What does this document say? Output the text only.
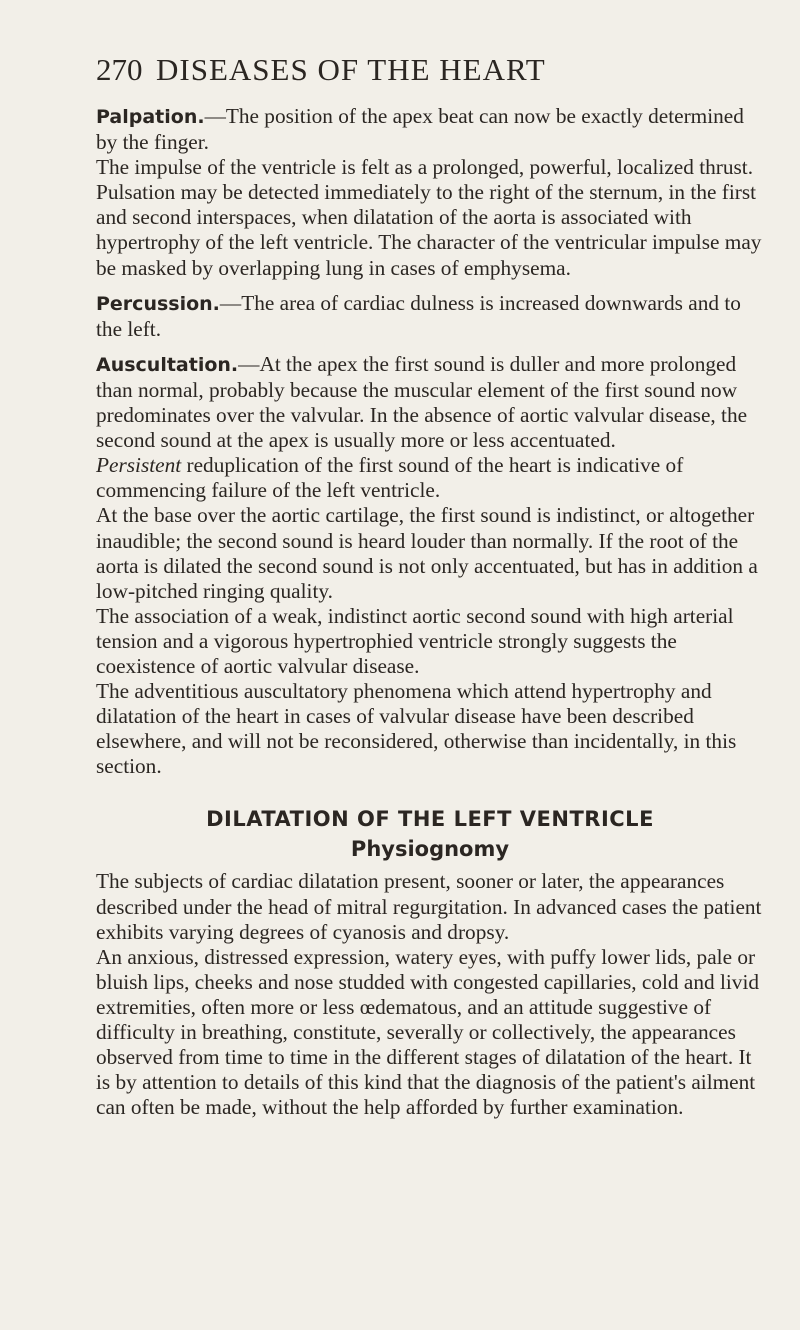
270 DISEASES OF THE HEART

Palpation.—The position of the apex beat can now be exactly determined by the finger.

The impulse of the ventricle is felt as a prolonged, powerful, localized thrust.

Pulsation may be detected immediately to the right of the sternum, in the first and second interspaces, when dilatation of the aorta is associated with hypertrophy of the left ventricle. The character of the ventricular impulse may be masked by overlapping lung in cases of emphysema.

Percussion.—The area of cardiac dulness is increased downwards and to the left.

Auscultation.—At the apex the first sound is duller and more prolonged than normal, probably because the muscular element of the first sound now predominates over the valvular. In the absence of aortic valvular disease, the second sound at the apex is usually more or less accentuated.

Persistent reduplication of the first sound of the heart is indicative of commencing failure of the left ventricle.

At the base over the aortic cartilage, the first sound is indistinct, or altogether inaudible; the second sound is heard louder than normally. If the root of the aorta is dilated the second sound is not only accentuated, but has in addition a low-pitched ringing quality.

The association of a weak, indistinct aortic second sound with high arterial tension and a vigorous hypertrophied ventricle strongly suggests the coexistence of aortic valvular disease.

The adventitious auscultatory phenomena which attend hypertrophy and dilatation of the heart in cases of valvular disease have been described elsewhere, and will not be reconsidered, otherwise than incidentally, in this section.

DILATATION OF THE LEFT VENTRICLE
Physiognomy

The subjects of cardiac dilatation present, sooner or later, the appearances described under the head of mitral regurgitation. In advanced cases the patient exhibits varying degrees of cyanosis and dropsy.

An anxious, distressed expression, watery eyes, with puffy lower lids, pale or bluish lips, cheeks and nose studded with congested capillaries, cold and livid extremities, often more or less œdematous, and an attitude suggestive of difficulty in breathing, constitute, severally or collectively, the appearances observed from time to time in the different stages of dilatation of the heart. It is by attention to details of this kind that the diagnosis of the patient's ailment can often be made, without the help afforded by further examination.
